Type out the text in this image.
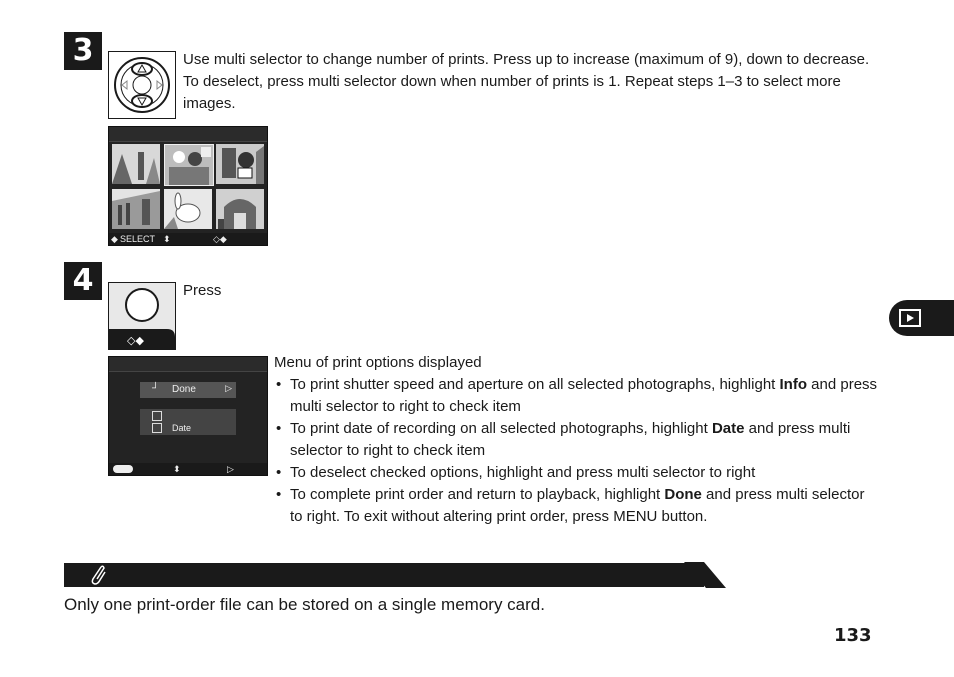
3	Use multi selector to change number of prints. Press up to increase (maximum of 9), down to decrease. To deselect, press multi selector down when number of prints is 1. Repeat steps 1–3 to select more images.
◆ SELECT ⬍	◇◆
4
◇◆
Press
┘ Done	▷
Date
⬍	▷
Menu of print options displayed
• To print shutter speed and aperture on all selected photographs, highlight Info and press multi selector to right to check item
• To print date of recording on all selected photographs, highlight Date and press multi selector to right to check item
• To deselect checked options, highlight and press multi selector to right
• To complete print order and return to playback, highlight Done and press multi selector to right. To exit without altering print order, press MENU button.
Only one print-order file can be stored on a single memory card.
133
